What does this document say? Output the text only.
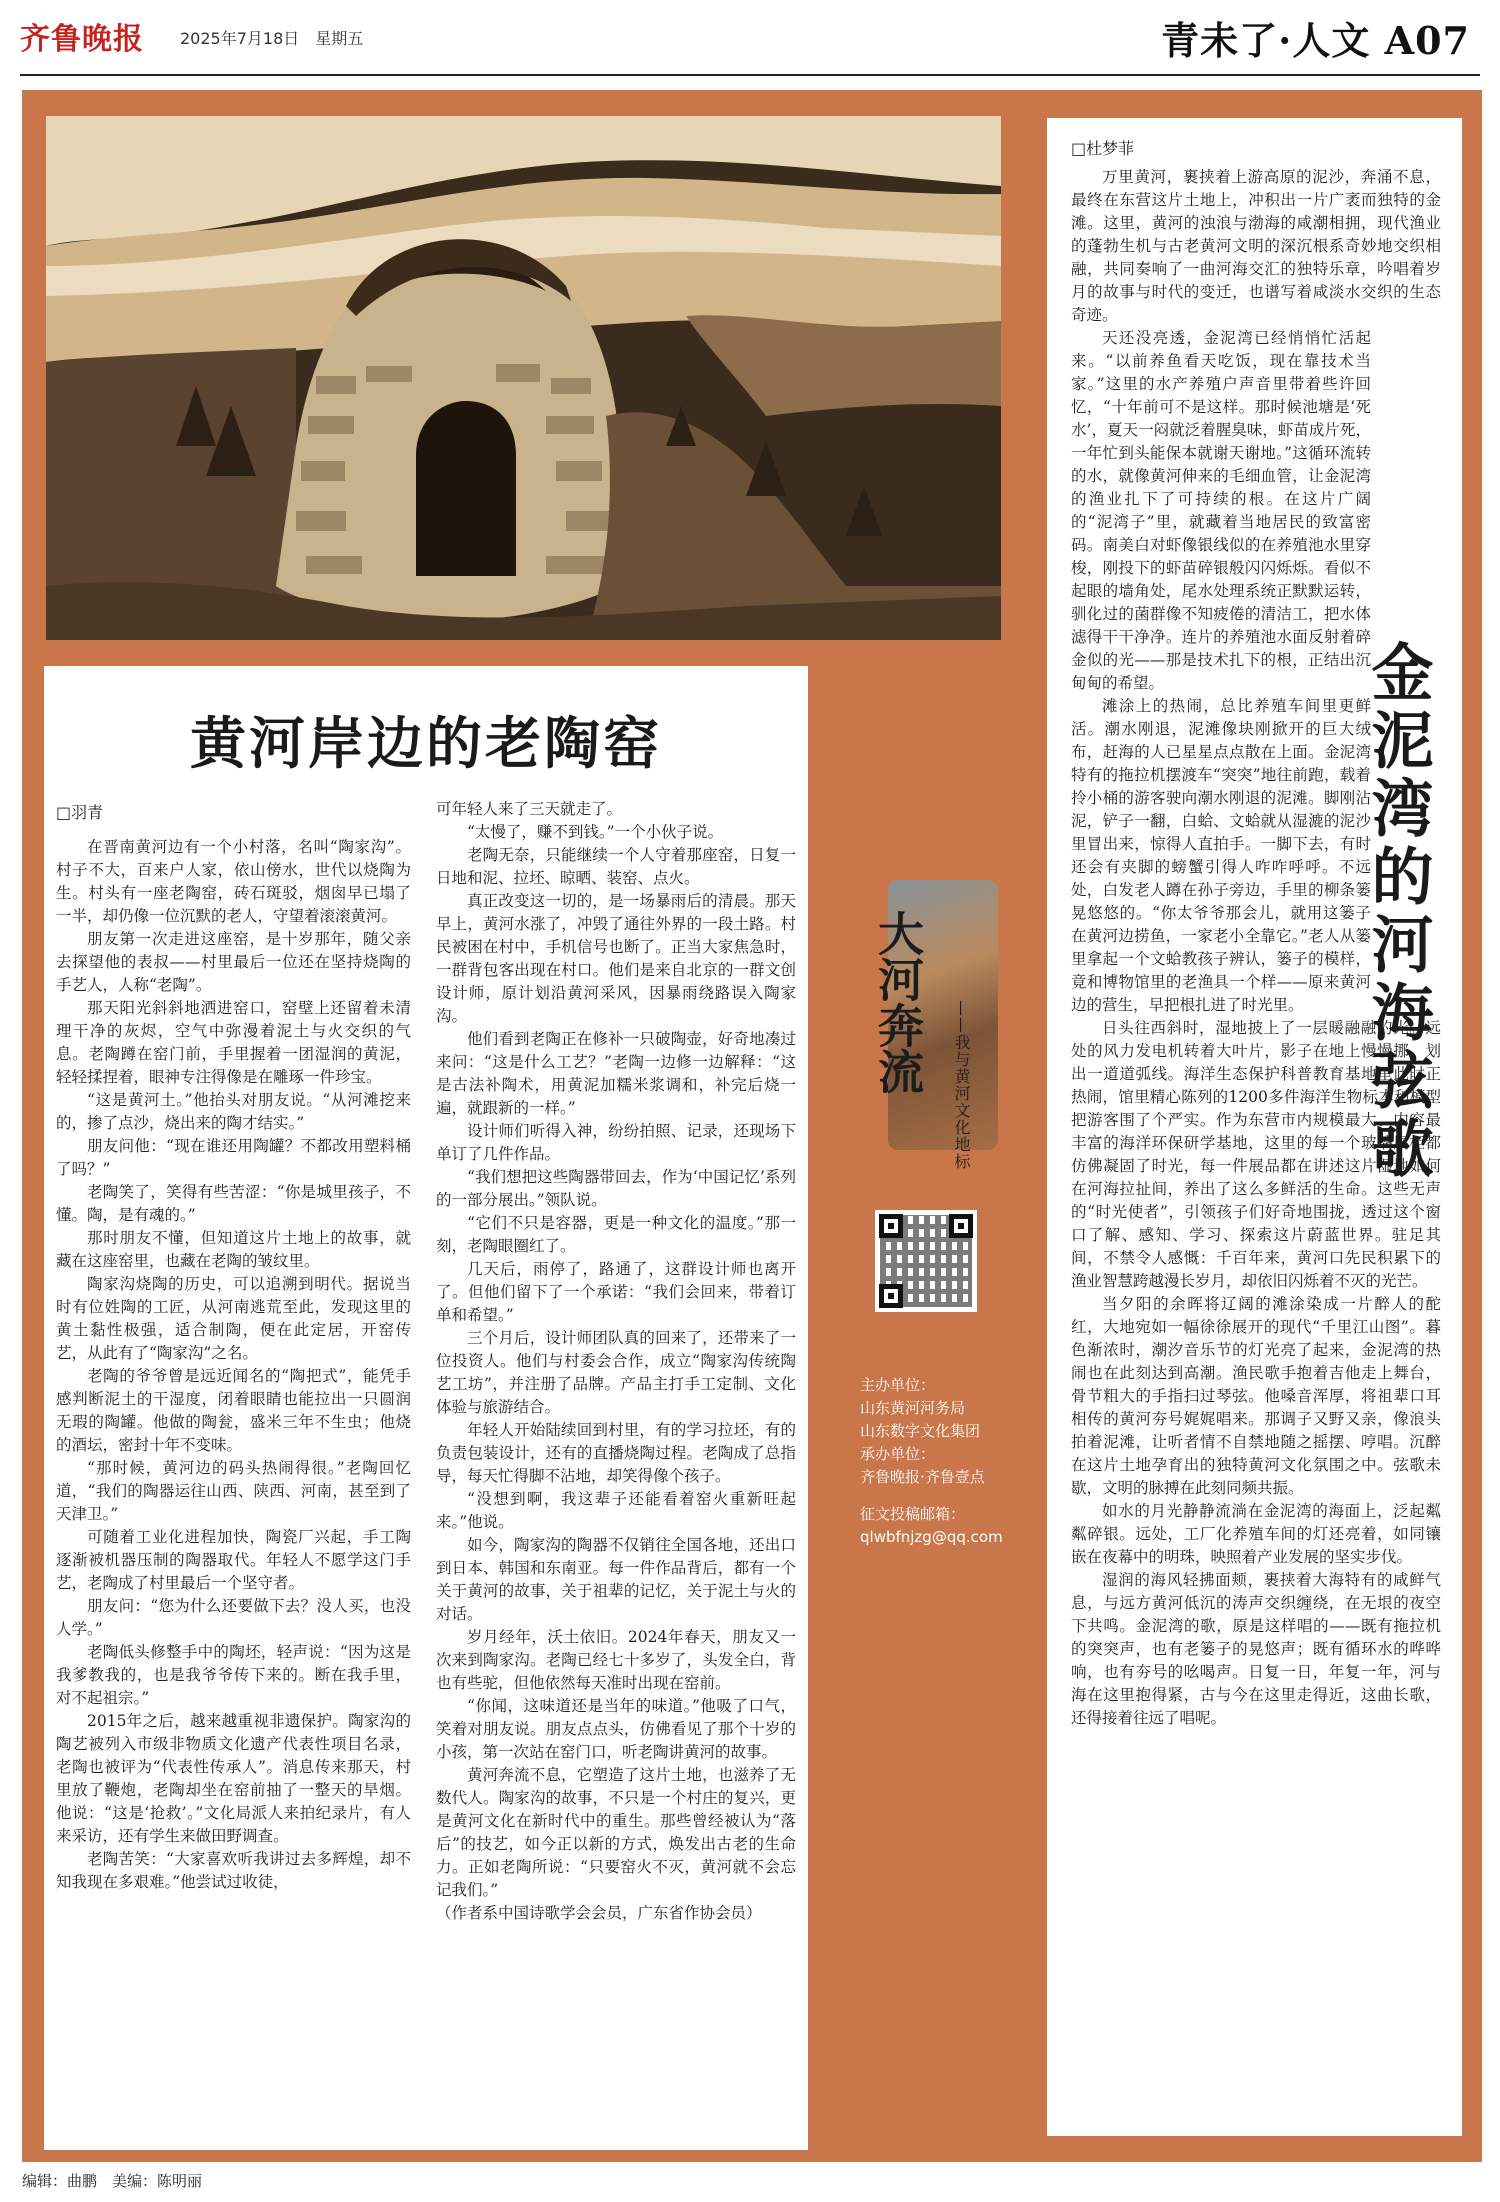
齐鲁晚报 2025年7月18日　星期五	青未了·人文 A07
黄河岸边的老陶窑
□羽青

在晋南黄河边有一个小村落，名叫“陶家沟”。村子不大，百来户人家，依山傍水，世代以烧陶为生。村头有一座老陶窑，砖石斑驳，烟囱早已塌了一半，却仍像一位沉默的老人，守望着滚滚黄河。

朋友第一次走进这座窑，是十岁那年，随父亲去探望他的表叔——村里最后一位还在坚持烧陶的手艺人，人称“老陶”。

那天阳光斜斜地洒进窑口，窑壁上还留着未清理干净的灰烬，空气中弥漫着泥土与火交织的气息。老陶蹲在窑门前，手里握着一团湿润的黄泥，轻轻揉捏着，眼神专注得像是在雕琢一件珍宝。

“这是黄河土。”他抬头对朋友说。“从河滩挖来的，掺了点沙，烧出来的陶才结实。”

朋友问他：“现在谁还用陶罐？不都改用塑料桶了吗？”

老陶笑了，笑得有些苦涩：“你是城里孩子，不懂。陶，是有魂的。”

那时朋友不懂，但知道这片土地上的故事，就藏在这座窑里，也藏在老陶的皱纹里。

陶家沟烧陶的历史，可以追溯到明代。据说当时有位姓陶的工匠，从河南逃荒至此，发现这里的黄土黏性极强，适合制陶，便在此定居，开窑传艺，从此有了“陶家沟”之名。

老陶的爷爷曾是远近闻名的“陶把式”，能凭手感判断泥土的干湿度，闭着眼睛也能拉出一只圆润无瑕的陶罐。他做的陶瓮，盛米三年不生虫；他烧的酒坛，密封十年不变味。

“那时候，黄河边的码头热闹得很。”老陶回忆道，“我们的陶器运往山西、陕西、河南，甚至到了天津卫。”

可随着工业化进程加快，陶瓷厂兴起，手工陶逐渐被机器压制的陶器取代。年轻人不愿学这门手艺，老陶成了村里最后一个坚守者。

朋友问：“您为什么还要做下去？没人买，也没人学。”

老陶低头修整手中的陶坯，轻声说：“因为这是我爹教我的，也是我爷爷传下来的。断在我手里，对不起祖宗。”

2015年之后，越来越重视非遗保护。陶家沟的陶艺被列入市级非物质文化遗产代表性项目名录，老陶也被评为“代表性传承人”。消息传来那天，村里放了鞭炮，老陶却坐在窑前抽了一整天的旱烟。他说：“这是‘抢救’。”文化局派人来拍纪录片，有人来采访，还有学生来做田野调查。

老陶苦笑：“大家喜欢听我讲过去多辉煌，却不知我现在多艰难。”他尝试过收徒，

可年轻人来了三天就走了。

“太慢了，赚不到钱。”一个小伙子说。

老陶无奈，只能继续一个人守着那座窑，日复一日地和泥、拉坯、晾晒、装窑、点火。

真正改变这一切的，是一场暴雨后的清晨。那天早上，黄河水涨了，冲毁了通往外界的一段土路。村民被困在村中，手机信号也断了。正当大家焦急时，一群背包客出现在村口。他们是来自北京的一群文创设计师，原计划沿黄河采风，因暴雨绕路误入陶家沟。

他们看到老陶正在修补一只破陶壶，好奇地凑过来问：“这是什么工艺？”老陶一边修一边解释：“这是古法补陶术，用黄泥加糯米浆调和，补完后烧一遍，就跟新的一样。”

设计师们听得入神，纷纷拍照、记录，还现场下单订了几件作品。

“我们想把这些陶器带回去，作为‘中国记忆’系列的一部分展出。”领队说。

“它们不只是容器，更是一种文化的温度。”那一刻，老陶眼圈红了。

几天后，雨停了，路通了，这群设计师也离开了。但他们留下了一个承诺：“我们会回来，带着订单和希望。”

三个月后，设计师团队真的回来了，还带来了一位投资人。他们与村委会合作，成立“陶家沟传统陶艺工坊”，并注册了品牌。产品主打手工定制、文化体验与旅游结合。

年轻人开始陆续回到村里，有的学习拉坯，有的负责包装设计，还有的直播烧陶过程。老陶成了总指导，每天忙得脚不沾地，却笑得像个孩子。

“没想到啊，我这辈子还能看着窑火重新旺起来。”他说。

如今，陶家沟的陶器不仅销往全国各地，还出口到日本、韩国和东南亚。每一件作品背后，都有一个关于黄河的故事，关于祖辈的记忆，关于泥土与火的对话。

岁月经年，沃土依旧。2024年春天，朋友又一次来到陶家沟。老陶已经七十多岁了，头发全白，背也有些驼，但他依然每天准时出现在窑前。

“你闻，这味道还是当年的味道。”他吸了口气，笑着对朋友说。朋友点点头，仿佛看见了那个十岁的小孩，第一次站在窑门口，听老陶讲黄河的故事。

黄河奔流不息，它塑造了这片土地，也滋养了无数代人。陶家沟的故事，不只是一个村庄的复兴，更是黄河文化在新时代中的重生。那些曾经被认为“落后”的技艺，如今正以新的方式，焕发出古老的生命力。正如老陶所说：“只要窑火不灭，黄河就不会忘记我们。”

（作者系中国诗歌学会会员，广东省作协会员）

大河奔流 ——我与黄河文化地标
主办单位：
山东黄河河务局
山东数字文化集团
承办单位：
齐鲁晚报·齐鲁壹点
征文投稿邮箱：
qlwbfnjzg@qq.com
□杜梦菲

万里黄河，裹挟着上游高原的泥沙，奔涌不息，最终在东营这片土地上，冲积出一片广袤而独特的金滩。这里，黄河的浊浪与渤海的咸潮相拥，现代渔业的蓬勃生机与古老黄河文明的深沉根系奇妙地交织相融，共同奏响了一曲河海交汇的独特乐章，吟唱着岁月的故事与时代的变迁，也谱写着咸淡水交织的生态奇迹。

天还没亮透，金泥湾已经悄悄忙活起来。“以前养鱼看天吃饭，现在靠技术当家。”这里的水产养殖户声音里带着些许回忆，“十年前可不是这样。那时候池塘是‘死水’，夏天一闷就泛着腥臭味，虾苗成片死，一年忙到头能保本就谢天谢地。”这循环流转的水，就像黄河伸来的毛细血管，让金泥湾的渔业扎下了可持续的根。在这片广阔的“泥湾子”里，就藏着当地居民的致富密码。南美白对虾像银线似的在养殖池水里穿梭，刚投下的虾苗碎银般闪闪烁烁。看似不起眼的墙角处，尾水处理系统正默默运转，驯化过的菌群像不知疲倦的清洁工，把水体滤得干干净净。连片的养殖池水面反射着碎金似的光——那是技术扎下的根，正结出沉甸甸的希望。

滩涂上的热闹，总比养殖车间里更鲜活。潮水刚退，泥滩像块刚掀开的巨大绒布，赶海的人已星星点点散在上面。金泥湾特有的拖拉机摆渡车“突突”地往前跑，载着拎小桶的游客驶向潮水刚退的泥滩。脚刚沾泥，铲子一翻，白蛤、文蛤就从湿漉的泥沙里冒出来，惊得人直拍手。一脚下去，有时还会有夹脚的螃蟹引得人咋咋呼呼。不远处，白发老人蹲在孙子旁边，手里的柳条篓晃悠悠的。“你太爷爷那会儿，就用这篓子在黄河边捞鱼，一家老小全靠它。”老人从篓里拿起一个文蛤教孩子辨认，篓子的模样，竟和博物馆里的老渔具一个样——原来黄河边的营生，早把根扎进了时光里。

日头往西斜时，湿地披上了一层暖融融的光。远处的风力发电机转着大叶片，影子在地上慢慢挪，划出一道道弧线。海洋生态保护科普教育基地里此时正热闹，馆里精心陈列的1200多件海洋生物标本和模型把游客围了个严实。作为东营市内规模最大、内容最丰富的海洋环保研学基地，这里的每一个玻璃展柜都仿佛凝固了时光，每一件展品都在讲述这片湿地如何在河海拉扯间，养出了这么多鲜活的生命。这些无声的“时光使者”，引领孩子们好奇地围拢，透过这个窗口了解、感知、学习、探索这片蔚蓝世界。驻足其间，不禁令人感慨：千百年来，黄河口先民积累下的渔业智慧跨越漫长岁月，却依旧闪烁着不灭的光芒。

当夕阳的余晖将辽阔的滩涂染成一片醉人的酡红，大地宛如一幅徐徐展开的现代“千里江山图”。暮色渐浓时，潮汐音乐节的灯光亮了起来，金泥湾的热闹也在此刻达到高潮。渔民歌手抱着吉他走上舞台，骨节粗大的手指扫过琴弦。他嗓音浑厚，将祖辈口耳相传的黄河夯号娓娓唱来。那调子又野又亲，像浪头拍着泥滩，让听者情不自禁地随之摇摆、哼唱。沉醉在这片土地孕育出的独特黄河文化氛围之中。弦歌未歇，文明的脉搏在此刻同频共振。

如水的月光静静流淌在金泥湾的海面上，泛起粼粼碎银。远处，工厂化养殖车间的灯还亮着，如同镶嵌在夜幕中的明珠，映照着产业发展的坚实步伐。

湿润的海风轻拂面颊，裹挟着大海特有的咸鲜气息，与远方黄河低沉的涛声交织缠绕，在无垠的夜空下共鸣。金泥湾的歌，原是这样唱的——既有拖拉机的突突声，也有老篓子的晃悠声；既有循环水的哗哗响，也有夯号的吆喝声。日复一日，年复一年，河与海在这里抱得紧，古与今在这里走得近，这曲长歌，还得接着往远了唱呢。

金泥湾的河海弦歌
编辑：曲鹏　美编：陈明丽
